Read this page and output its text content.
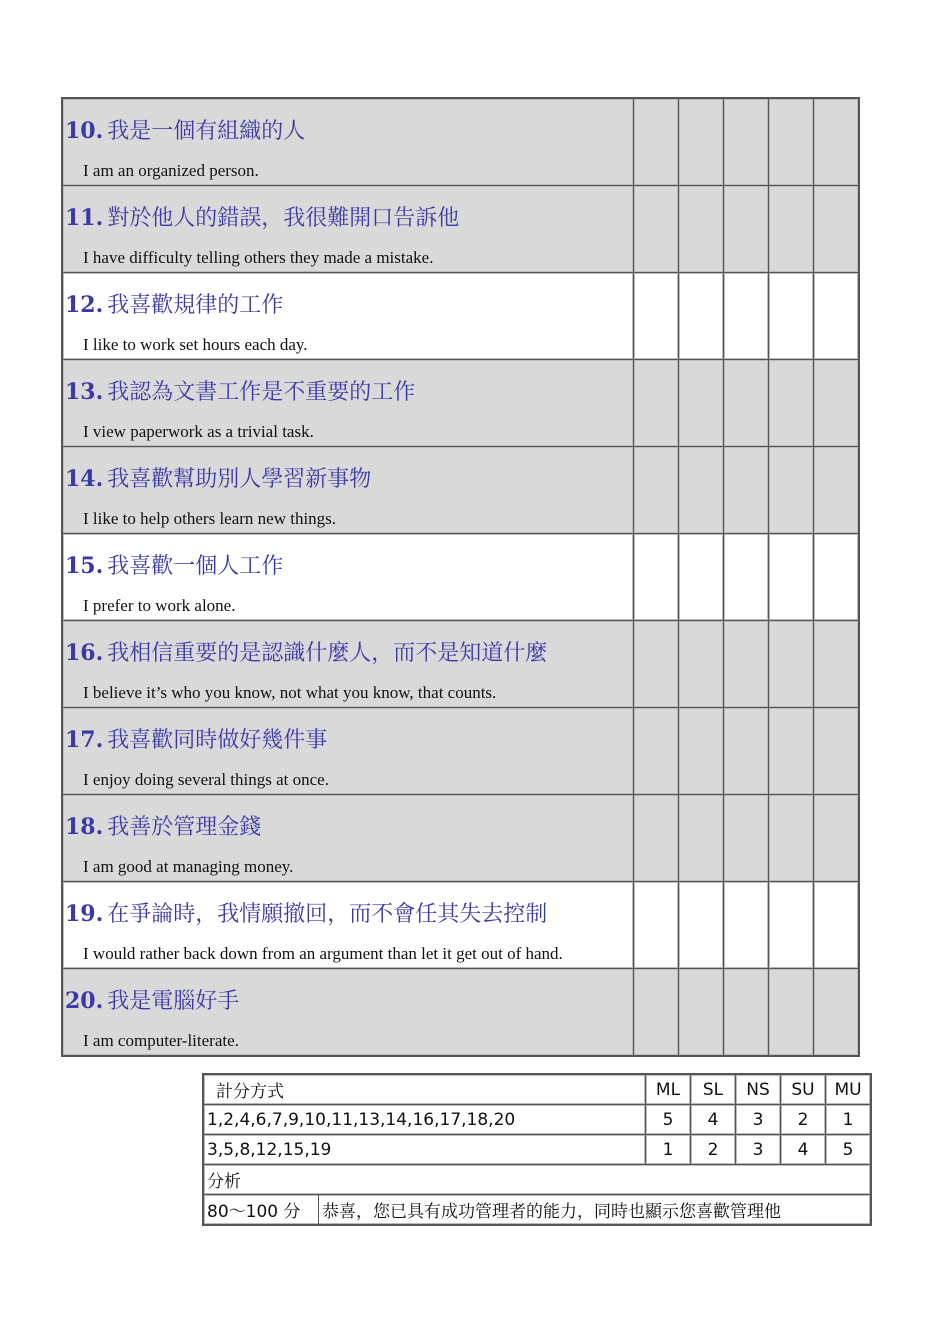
10. 我是一個有組織的人
I am an organized person.					

11. 對於他人的錯誤，我很難開口告訴他
I have difficulty telling others they made a mistake.					

12. 我喜歡規律的工作
I like to work set hours each day.					

13. 我認為文書工作是不重要的工作
I view paperwork as a trivial task.					

14. 我喜歡幫助別人學習新事物
I like to help others learn new things.					

15. 我喜歡一個人工作
I prefer to work alone.					

16. 我相信重要的是認識什麼人，而不是知道什麼
I believe it’s who you know, not what you know, that counts.					

17. 我喜歡同時做好幾件事
I enjoy doing several things at once.					

18. 我善於管理金錢
I am good at managing money.					

19. 在爭論時，我情願撤回，而不會任其失去控制
I would rather back down from an argument than let it get out of hand.					

20. 我是電腦好手
I am computer-literate.					

計分方式	ML	SL	NS	SU	MU
1,2,4,6,7,9,10,11,13,14,16,17,18,20	5	4	3	2	1
3,5,8,12,15,19	1	2	3	4	5
分析

80～100 分	恭喜，您已具有成功管理者的能力，同時也顯示您喜歡管理他
